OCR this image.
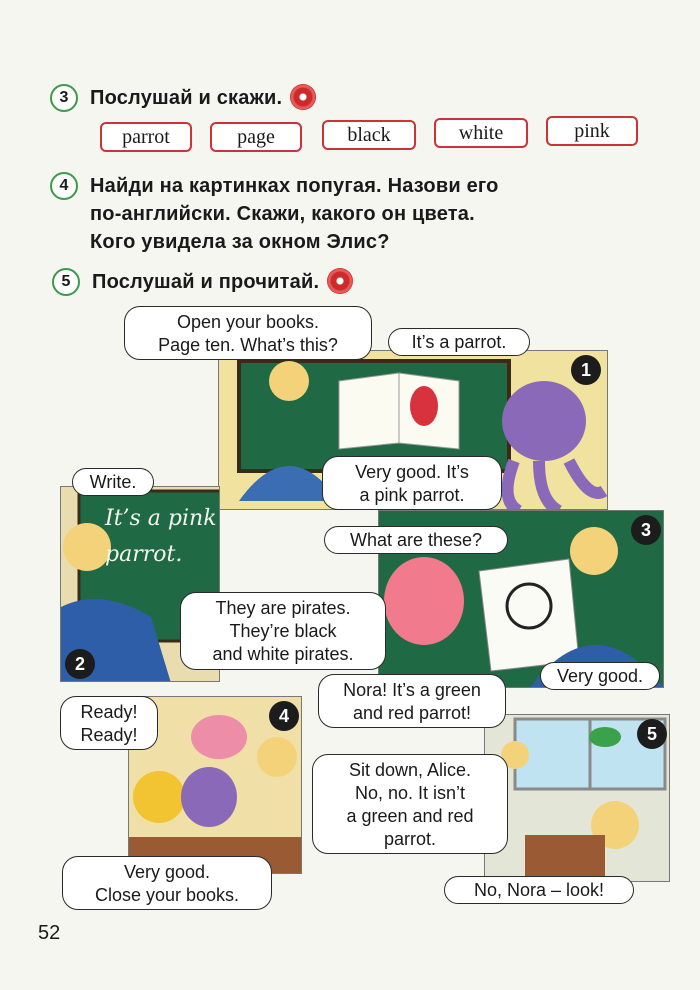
3	Послушай и скажи.
parrot	page	black	white	pink
4	Найди на картинках попугая. Назови его
по-английски. Скажи, какого он цвета.
Кого увидела за окном Элис?
5	Послушай и прочитай.
1
It’s a pink
parrot.
2
3
4
5
Open your books.
Page ten. What’s this?	It’s a parrot.
Very good. It’s
a pink parrot.
Write.
What are these?
They are pirates.
They’re black
and white pirates.
Very good.
Ready!
Ready!
Very good.
Close your books.
Nora! It’s a green
and red parrot!
Sit down, Alice.
No, no. It isn’t
a green and red
parrot.
No, Nora – look!
52
